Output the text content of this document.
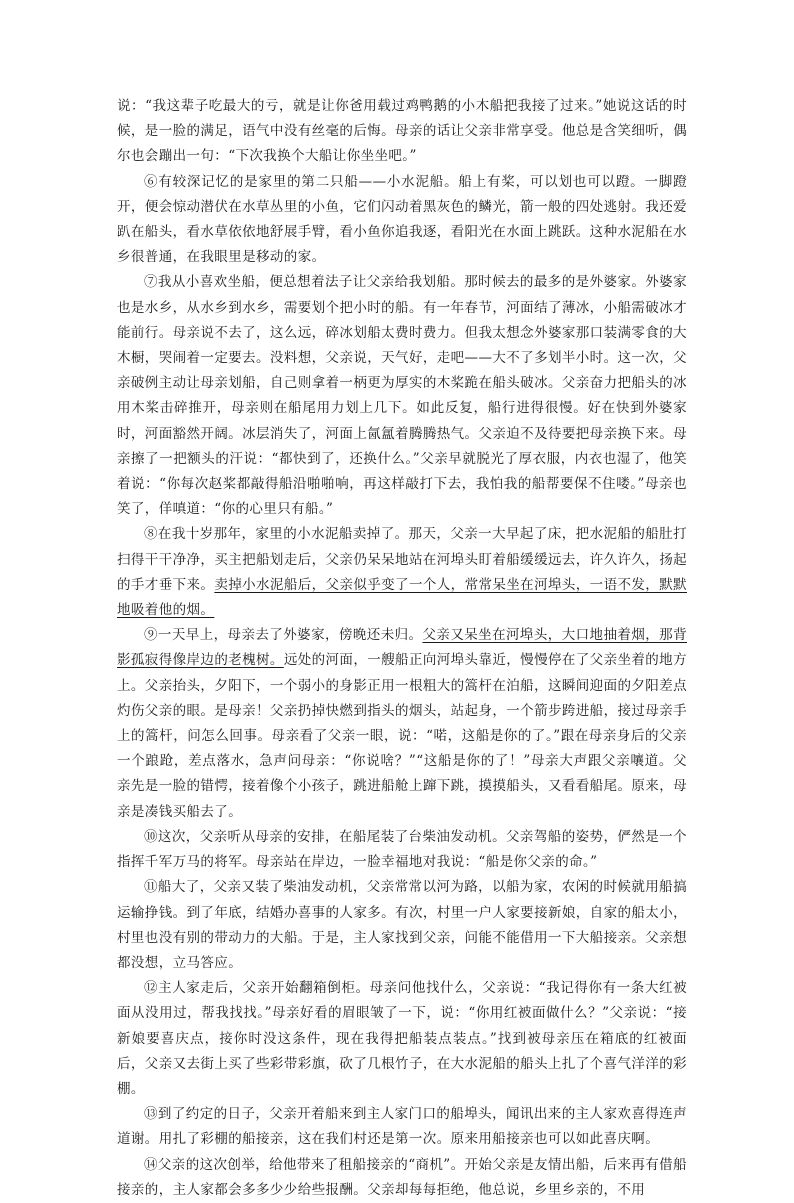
说：“我这辈子吃最大的亏，就是让你爸用载过鸡鸭鹅的小木船把我接了过来。”她说这话的时候，是一脸的满足，语气中没有丝毫的后悔。母亲的话让父亲非常享受。他总是含笑细听，偶尔也会蹦出一句：“下次我换个大船让你坐坐吧。”

⑥有较深记忆的是家里的第二只船——小水泥船。船上有桨，可以划也可以蹬。一脚蹬开，便会惊动潜伏在水草丛里的小鱼，它们闪动着黑灰色的鳞光，箭一般的四处逃射。我还爱趴在船头，看水草依依地舒展手臂，看小鱼你追我逐，看阳光在水面上跳跃。这种水泥船在水乡很普通，在我眼里是移动的家。

⑦我从小喜欢坐船，便总想着法子让父亲给我划船。那时候去的最多的是外婆家。外婆家也是水乡，从水乡到水乡，需要划个把小时的船。有一年春节，河面结了薄冰，小船需破冰才能前行。母亲说不去了，这么远，碎冰划船太费时费力。但我太想念外婆家那口装满零食的大木橱，哭闹着一定要去。没料想，父亲说，天气好，走吧——大不了多划半小时。这一次，父亲破例主动让母亲划船，自己则拿着一柄更为厚实的木桨跪在船头破冰。父亲奋力把船头的冰用木桨击碎推开，母亲则在船尾用力划上几下。如此反复，船行进得很慢。好在快到外婆家时，河面豁然开阔。冰层消失了，河面上氤氲着腾腾热气。父亲迫不及待要把母亲换下来。母亲擦了一把额头的汗说：“都快到了，还换什么。”父亲早就脱光了厚衣服，内衣也湿了，他笑着说：“你每次赵桨都敲得船沿啪啪响，再这样敲打下去，我怕我的船帮要保不住喽。”母亲也笑了，佯嗔道：“你的心里只有船。”

⑧在我十岁那年，家里的小水泥船卖掉了。那天，父亲一大早起了床，把水泥船的船肚打扫得干干净净，买主把船划走后，父亲仍呆呆地站在河埠头盯着船缓缓远去，许久许久，扬起的手才垂下来。卖掉小水泥船后，父亲似乎变了一个人，常常呆坐在河埠头，一语不发，默默地吸着他的烟。

⑨一天早上，母亲去了外婆家，傍晚还未归。父亲又呆坐在河埠头，大口地抽着烟，那背影孤寂得像岸边的老槐树。远处的河面，一艘船正向河埠头靠近，慢慢停在了父亲坐着的地方上。父亲抬头，夕阳下，一个弱小的身影正用一根粗大的篙杆在泊船，这瞬间迎面的夕阳差点灼伤父亲的眼。是母亲！父亲扔掉快燃到指头的烟头，站起身，一个箭步跨进船，接过母亲手上的篙杆，问怎么回事。母亲看了父亲一眼，说：“喏，这船是你的了。”跟在母亲身后的父亲一个踉跄，差点落水，急声问母亲：“你说啥？”“这船是你的了！”母亲大声跟父亲嚷道。父亲先是一脸的错愕，接着像个小孩子，跳进船舱上蹿下跳，摸摸船头，又看看船尾。原来，母亲是凑钱买船去了。

⑩这次，父亲听从母亲的安排，在船尾装了台柴油发动机。父亲驾船的姿势，俨然是一个指挥千军万马的将军。母亲站在岸边，一脸幸福地对我说：“船是你父亲的命。”

⑪船大了，父亲又装了柴油发动机，父亲常常以河为路，以船为家，农闲的时候就用船搞运输挣钱。到了年底，结婚办喜事的人家多。有次，村里一户人家要接新娘，自家的船太小，村里也没有别的带动力的大船。于是，主人家找到父亲，问能不能借用一下大船接亲。父亲想都没想，立马答应。

⑫主人家走后，父亲开始翻箱倒柜。母亲问他找什么，父亲说：“我记得你有一条大红被面从没用过，帮我找找。”母亲好看的眉眼皱了一下，说：“你用红被面做什么？”父亲说：“接新娘要喜庆点，接你时没这条件，现在我得把船装点装点。”找到被母亲压在箱底的红被面后，父亲又去街上买了些彩带彩旗，砍了几根竹子，在大水泥船的船头上扎了个喜气洋洋的彩棚。

⑬到了约定的日子，父亲开着船来到主人家门口的船埠头，闻讯出来的主人家欢喜得连声道谢。用扎了彩棚的船接亲，这在我们村还是第一次。原来用船接亲也可以如此喜庆啊。

⑭父亲的这次创举，给他带来了租船接亲的“商机”。开始父亲是友情出船，后来再有借船接亲的，主人家都会多多少少给些报酬。父亲却每每拒绝，他总说，乡里乡亲的，不用
